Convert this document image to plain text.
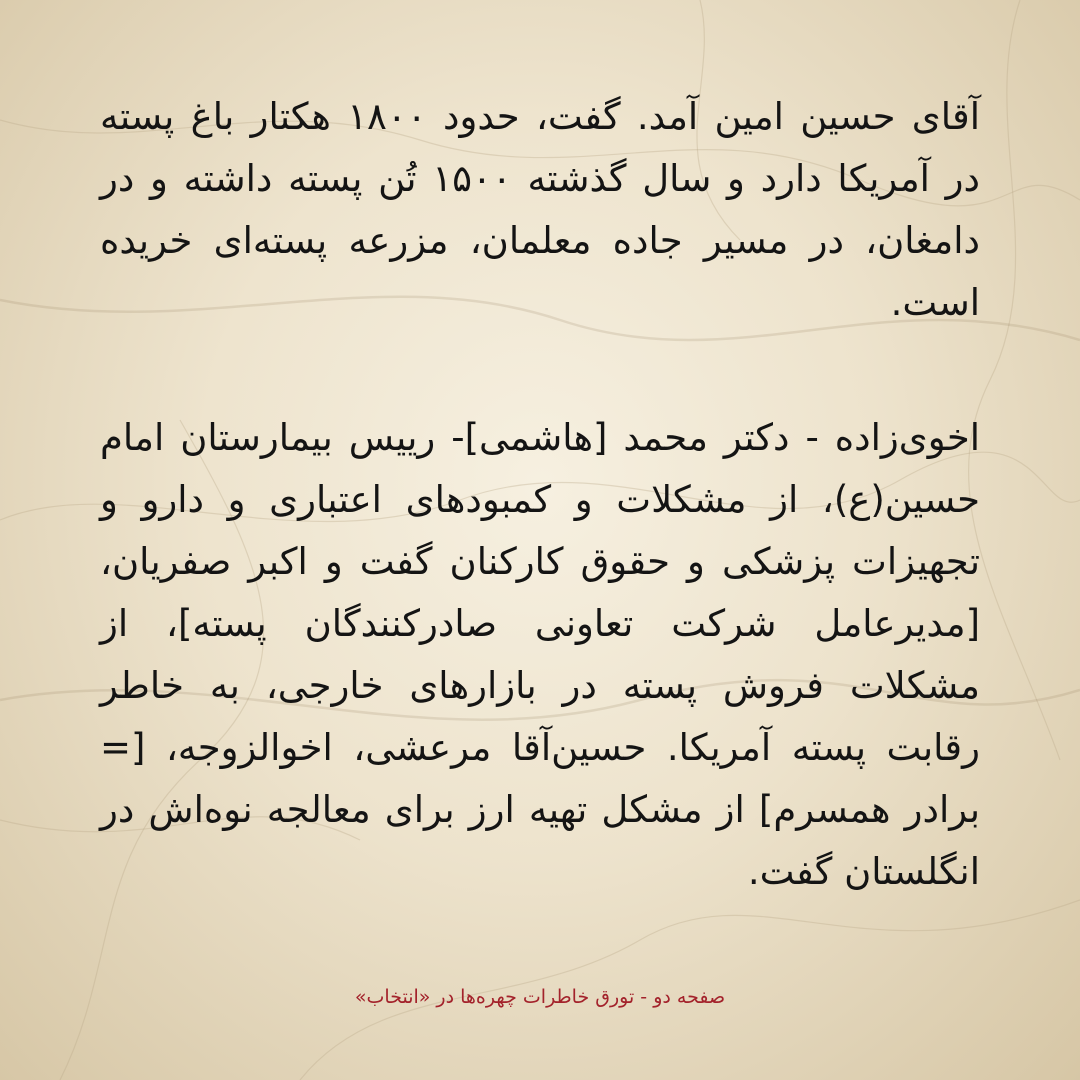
آقای حسین امین آمد. گفت، حدود ۱۸۰۰ هکتار باغ پسته در آمریکا دارد و سال گذشته ۱۵۰۰ تُن پسته داشته و در دامغان، در مسیر جاده معلمان، مزرعه پسته‌ای خریده است.
اخوی‌زاده - دکتر محمد [هاشمی]- رییس بیمارستان امام حسین(ع)، از مشکلات و کمبودهای اعتباری و دارو و تجهیزات پزشکی و حقوق کارکنان گفت و اکبر صفریان، [مدیرعامل شرکت تعاونی صادرکنندگان پسته]، از مشکلات فروش پسته در بازارهای خارجی، به خاطر رقابت پسته آمریکا. حسین‌آقا مرعشی، اخوالزوجه، [= برادر همسرم] از مشکل تهیه ارز برای معالجه نوه‌اش در انگلستان گفت.
صفحه دو - تورق خاطرات چهره‌ها در «انتخاب»
